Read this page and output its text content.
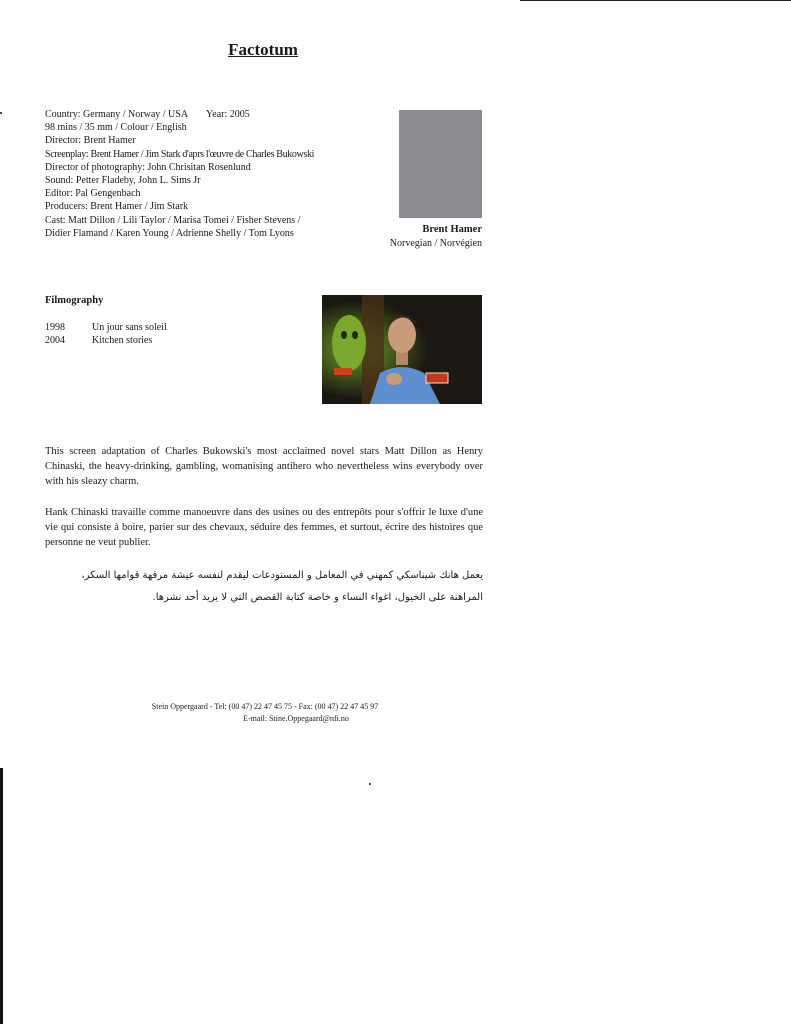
Factotum
Country: Germany / Norway / USA Year: 2005
98 mins / 35 mm / Colour / English
Director: Brent Hamer
Screenplay: Brent Hamer / Jim Stark d'aprs l'œuvre de Charles Bukowski
Director of photography: John Chrisitan Rosenlund
Sound: Petter Fladeby, John L. Sims Jr
Editor: Pal Gengenbach
Producers: Brent Hamer / Jim Stark
Cast: Matt Dillon / Lili Taylor / Marisa Tomei / Fisher Stevens /
Didier Flamand / Karen Young / Adrienne Shelly / Tom Lyons	Brent Hamer
Norvegian / Norvégien
Filmography
1998	Un jour sans soleil
2004	Kitchen stories
This screen adaptation of Charles Bukowski's most acclaimed novel stars Matt Dillon as Henry Chinaski, the heavy-drinking, gambling, womanising antihero who nevertheless wins everybody over with his sleazy charm.
Hank Chinaski travaille comme manoeuvre dans des usines ou des entrepôts pour s'offrir le luxe d'une vie qui consiste à boire, parier sur des chevaux, séduire des femmes, et surtout, écrire des histoires que personne ne veut publier.
يعمل هانك شيناسكي كمهني في المعامل و المستودعات ليقدم لنفسه عيشة مرفهة قوامها السكر، المراهنة على الخيول، اغواء النساء و خاصة كتابة القصص التي لا يريد أحد نشرها.
Stein Oppergaard - Tel: (00 47) 22 47 45 75 - Fax: (00 47) 22 47 45 97
E-mail: Stine.Oppegaard@nfi.no
